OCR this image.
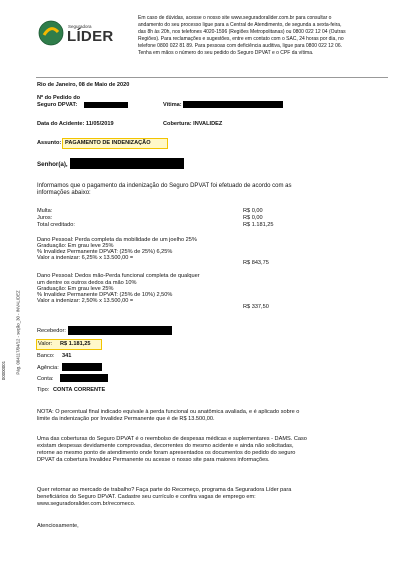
Seguradora
LÍDER
Em caso de dúvidas, acesse o nosso site www.seguradoralider.com.br para consultar o
andamento do seu processo ligue para a Central de Atendimento, de segunda a sexta-feira,
das 8h às 20h, nos telefones 4020-1596 (Regiões Metropolitanas) ou 0800 022 12 04 (Outras
Regiões). Para reclamações e sugestões, entre em contato com o SAC, 24 horas por dia, no
telefone 0800 022 81 89. Para pessoas com deficiência auditiva, ligue para 0800 022 12 06.
Tenha em mãos o número do seu pedido do Seguro DPVAT e o CPF da vítima.
Pág. 004117/04/12 - seção_30 - INVALIDEZ
00000001
Rio de Janeiro, 08 de Maio de 2020
Nº do Pedido do
Seguro DPVAT:	Vítima:
Data do Acidente: 11/05/2019	Cobertura: INVALIDEZ
Assunto: PAGAMENTO DE INDENIZAÇÃO
Senhor(a),
Informamos que o pagamento da indenização do Seguro DPVAT foi efetuado de acordo com as
informações abaixo:
Multa:	R$ 0,00
Juros:	R$ 0,00
Total creditado:	R$ 1.181,25
Dano Pessoal: Perda completa da mobilidade de um joelho 25%
Graduação: Em grau leve 25%
% Invalidez Permanente DPVAT: (25% de 25%) 6,25%
Valor a indenizar: 6,25% x 13.500,00 =
R$ 843,75
Dano Pessoal: Dedos mão-Perda funcional completa de qualquer
um dentre os outros dedos da mão 10%
Graduação: Em grau leve 25%
% Invalidez Permanente DPVAT: (25% de 10%) 2,50%
Valor a indenizar: 2,50% x 13.500,00 =
R$ 337,50
Recebedor:
Valor: R$ 1.181,25
Banco: 341
Agência:
Conta:
Tipo: CONTA CORRENTE
NOTA: O percentual final indicado equivale à perda funcional ou anatômica avaliada, e é aplicado sobre o
limite da indenização por Invalidez Permanente que é de R$ 13.500,00.
Uma das coberturas do Seguro DPVAT é o reembolso de despesas médicas e suplementares - DAMS. Caso
existam despesas devidamente comprovadas, decorrentes do mesmo acidente e ainda não solicitadas,
retorne ao mesmo ponto de atendimento onde foram apresentados os documentos do pedido do seguro
DPVAT da cobertura Invalidez Permanente ou acesse o nosso site para maiores informações.
Quer retornar ao mercado de trabalho? Faça parte do Recomeço, programa da Seguradora Líder para
beneficiários do Seguro DPVAT. Cadastre seu currículo e confira vagas de emprego em:
www.seguradoralider.com.br/recomeco.
Atenciosamente,
